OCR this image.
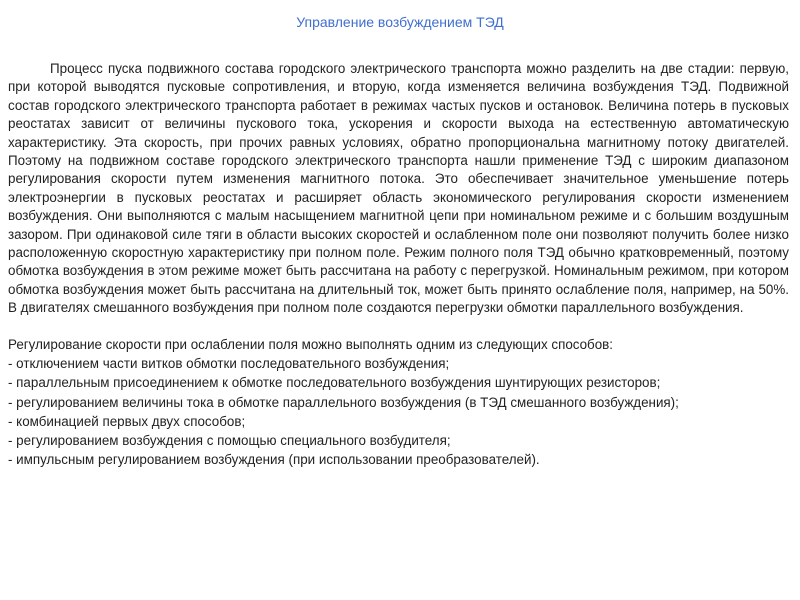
Управление возбуждением ТЭД

Процесс пуска подвижного состава городского электрического транспорта можно разделить на две стадии: первую, при которой выводятся пусковые сопротивления, и вторую, когда изменяется величина возбуждения ТЭД. Подвижной состав городского электрического транспорта работает в режимах частых пусков и остановок. Величина потерь в пусковых реостатах зависит от величины пускового тока, ускорения и скорости выхода на естественную автоматическую характеристику. Эта скорость, при прочих равных условиях, обратно пропорциональна магнитному потоку двигателей. Поэтому на подвижном составе городского электрического транспорта нашли применение ТЭД с широким диапазоном регулирования скорости путем изменения магнитного потока. Это обеспечивает значительное уменьшение потерь электроэнергии в пусковых реостатах и расширяет область экономического регулирования скорости изменением возбуждения. Они выполняются с малым насыщением магнитной цепи при номинальном режиме и с большим воздушным зазором. При одинаковой силе тяги в области высоких скоростей и ослабленном поле они позволяют получить более низко расположенную скоростную характеристику при полном поле. Режим полного поля ТЭД обычно кратковременный, поэтому обмотка возбуждения в этом режиме может быть рассчитана на работу с перегрузкой. Номинальным режимом, при котором обмотка возбуждения может быть рассчитана на длительный ток, может быть принято ослабление поля, например, на 50%. В двигателях смешанного возбуждения при полном поле создаются перегрузки обмотки параллельного возбуждения.

Регулирование скорости при ослаблении поля можно выполнять одним из следующих способов:

- отключением части витков обмотки последовательного возбуждения;
- параллельным присоединением к обмотке последовательного возбуждения шунтирующих резисторов;
- регулированием величины тока в обмотке параллельного возбуждения (в ТЭД смешанного возбуждения);
- комбинацией первых двух способов;
- регулированием возбуждения с помощью специального возбудителя;
- импульсным регулированием возбуждения (при использовании преобразователей).
